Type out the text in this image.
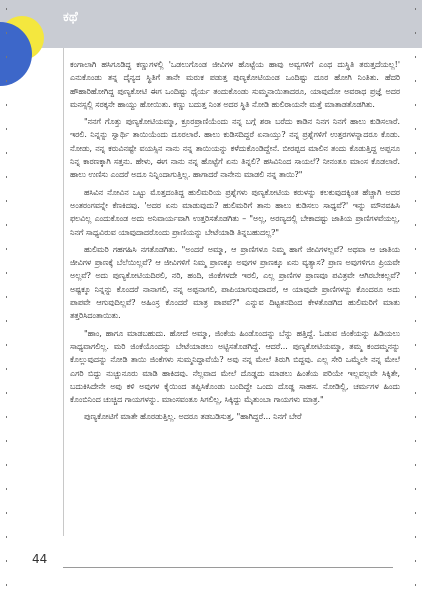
ಕಥೆ

ಕಂಗಾಲಾಗಿ ಹಸಿಗೂಡಿದ್ದ ಕಣ್ಣುಗಳಲ್ಲಿ 'ಒಡಲುಗೊಂಡ ಜೀವಿಗಳ ಹೊಟ್ಟೆಯ ಹಾವು ಅವ್ವಗಳಿಗೆ ಎಂಥ ದುಸ್ಥಿತಿ ತರುತ್ತದೆಯಲ್ಲ!' ಎನುಕೊಂಡು ತನ್ನ ದೈನ್ಯದ ಸ್ಥಿತಿಗೆ ತಾನೇ ಮರುಕ ಪಡುತ್ತ ಪುಣ್ಯಕೋಟಿಯಂಡ ಒಂದಿಷ್ಟು ದೂರ ಹೋಗಿ ನಿಂತಿತು. ಹೆದರಿ ಹೌಹಾರಿಹೋಗಿದ್ದ ಪುಣ್ಯಕೋಟಿ ಈಗ ಒಂದಿಷ್ಟು ಧೈರ್ಯ ತಂದುಕೊಂಡು ಸುಮ್ಮನಾಯಿತಾದರೂ, ಯಾವುದೋ ಅವರಾಧ ಪ್ರಜ್ಞೆ ಅದರ ಮನಸ್ಸಲ್ಲಿ ಸರಕ್ಕನೇ ಹಾಯ್ದು ಹೋಯಿತು. ಕಣ್ಣು ಬದುತ್ತ ನಿಂತ ಅದರ ಸ್ಥಿತಿ ನೋಡಿ ಹುಲಿರಾಯನೇ ಮತ್ತೆ ಮಾತಾಡತೊಡಗಿತು.

"ನನಗೆ ಗೊತ್ತು ಪುಣ್ಯಕೋಟಿಯಮ್ಮಾ, ಕ್ರೂರಪ್ರಾಣಿಯೆಂದು ನನ್ನ ಬಗ್ಗೆ ಶರಾ ಬರೆದು ಕಾಡಿನ ನಿನಗ ನಿನಗೆ ಹಾಲು ಕುಡಿಸಲಾರೆ. ಇರಲಿ. ನಿನ್ನನ್ನು ಸ್ವಾರ್ಥಿ ತಾಯಿಯೆಂದು ದೂರಲಾರೆ. ಹಾಲು ಕುಡಿಸದಿದ್ದರೆ ಏನಾಯ್ತು? ನನ್ನ ಪ್ರಶ್ನೆಗಳಿಗೆ ಉತ್ತರಗಳನ್ನಾದರೂ ಕೊಡು. ನೋಡು, ನನ್ನ ಕರುವಿನಷ್ಟೇ ವಯಸ್ಸಿನ ನಾನು ನನ್ನ ತಾಯಿಯನ್ನು ಕಳೆದುಕೊಂಡಿದ್ದೇನೆ. ಬೀರಪ್ಪದ ಮಾಲಿನ ತಂದು ಕೊಡುತ್ತಿದ್ದ ಅಪ್ಪನೂ ನಿನ್ನ ಕಾರಣಕ್ಕಾಗಿ ಸತ್ತನು. ಹೇಳು, ಈಗ ನಾನು ನನ್ನ ಹೊಟ್ಟೆಗೆ ಏನು ತಿನ್ನಲಿ? ಹಸಿವಿನಿಂದ ಸಾಯಲೆ? ನೀನಂತೂ ಮಾಂಸ ಕೊಡಲಾರೆ. ಹಾಲು ಉಣಿಸು ಎಂದರೆ ಅದೂ ನಿನ್ನಿಂದಾಗುತ್ತಿಲ್ಲ. ಹಾಗಾದರೆ ನಾನೇನು ಮಾಡಲಿ ನನ್ನ ತಾಯಿ?"

ಹಸಿವಿನ ನೋವಿನ ಒಟ್ಟು ಮೊತ್ತದಂತಿದ್ದ ಹುಲಿಮರಿಯ ಪ್ರಶ್ನೆಗಳು ಪುಣ್ಯಕೋಟಿಯ ಕರುಳನ್ನು ಕಲಕುವುದಕ್ಕಿಂತ ಹೆಚ್ಚಾಗಿ ಅದರ ಅಂತರಂಗವನ್ನೇ ಕೆಣಕಿದವು. 'ಅದರ ಏನು ಮಾಡುವುದು? ಹುಲಿಮರಿಗೆ ತಾನು ಹಾಲು ಕುಡಿಸಲು ಸಾಧ್ಯವೆ?' ಇನ್ನು ಮೌನವಹಿಸಿ ಫಲವಿಲ್ಲ ಎಂದುಕೊಂಡ ಅದು ಅನಿವಾರ್ಯವಾಗಿ ಉತ್ತರಿಸತೊಡಗಿತು – "ಅಲ್ಲ, ಅರಣ್ಯದಲ್ಲಿ ಬೇಕಾದಷ್ಟು ಜಾತಿಯ ಪ್ರಾಣಿಗಳವೆಯಲ್ಲ, ನಿನಗೆ ಸಾಧ್ಯವಿರುವ ಯಾವುದಾದರೊಂದು ಪ್ರಾಣಿಯನ್ನು ಬೇಟೆಯಾಡಿ ತಿನ್ನಬಹುದಲ್ಲ?"

ಹುಲಿಮರಿ ಗಹಗಹಿಸಿ ನಗತೊಡಗಿತು. "ಅಂದರೆ ಅಮ್ಮಾ, ಆ ಪ್ರಾಣಿಗಳೂ ನಿಮ್ಮ ಹಾಗೆ ಜೀವಿಗಳಲ್ಲವೆ? ಅಥವಾ ಆ ಜಾತಿಯ ಜೀವಿಗಳ ಪ್ರಾಣಕ್ಕೆ ಬೆಲೆಯಿಲ್ಲವೆ? ಆ ಜೀವಿಗಳಿಗೆ ನಿಮ್ಮ ಪ್ರಾಣಕ್ಕೂ ಅವುಗಳ ಪ್ರಾಣಕ್ಕೂ ಏನು ವ್ಯತ್ಯಾಸ? ಪ್ರಾಣ ಅವುಗಳಿಗೂ ಪ್ರಿಯವೇ ಅಲ್ಲವೆ? ಅದು ಪುಣ್ಯಕೋಟಿಯದಿರಲಿ, ನರಿ, ಹಂದಿ, ಜಿಂಕೆಗಳದೇ ಇರಲಿ, ಎಲ್ಲ ಪ್ರಾಣಿಗಳ ಪ್ರಾಣವೂ ಪವಿತ್ರವೇ ಆಗಿರಬೇಕಲ್ಲವೆ? ಅಷ್ಟಕ್ಕೂ ನಿನ್ನನ್ನು ಕೊಂದರೆ ನಾನಾಗಲಿ, ನನ್ನ ಅಪ್ಪನಾಗಲಿ, ಪಾಪಿಯಾಗುವುದಾದರೆ, ಆ ಯಾವುದೇ ಪ್ರಾಣಿಗಳನ್ನು ಕೊಂದರೂ ಅದು ಪಾಪವೇ ಆಗುವುದಿಲ್ಲವೆ? ಅಹಿಂಸ್ರ ಕೊಂದರೆ ಮಾತ್ರ ಪಾಪವೆ?" ಎನ್ನುವ ದಿಟ್ಟತನದಿಂದ ಕೇಳತೊಡಗಿದ ಹುಲಿಮರಿಗೆ ಮಾತು ತತ್ತರಿಸಿದಂತಾಯಿತು.

"ಹಾಂ, ಹಾಗೂ ಮಾಡಬಹುದು. ಹೋದೆ ಅಮ್ಮಾ, ಜಿಂಕೆಯ ಹಿಂಡೊಂದನ್ನು ಬೆನ್ನು ಹತ್ತಿದ್ದೆ. ಓಡುವ ಜಿಂಕೆಯನ್ನು ಹಿಡಿಯಲು ಸಾಧ್ಯವಾಗಲಿಲ್ಲ. ಮರಿ ಜಿಂಕೆಯೊಂದನ್ನು ಬೇಟೆಯಾಡಲು ಅಟ್ಟಿಸತೊಡಗಿದ್ದೆ. ಆದರೆ... ಪುಣ್ಯಕೋಟಿಯಮ್ಮಾ, ತಮ್ಮ ಕಂದಮ್ಮನನ್ನು ಕೊಲ್ಲುವುದನ್ನು ನೋಡಿ ತಾಯಿ ಜಿಂಕೆಗಳು ಸುಮ್ಮನಿದ್ದಾವೆಯೆ? ಅವು ನನ್ನ ಮೇಲೆ ತಿರುಗಿ ಬಿದ್ದವು. ಎಲ್ಲ ಸೇರಿ ಒಮ್ಮೆಲೇ ನನ್ನ ಮೇಲೆ ಎಗರಿ ಬಿದ್ದು ನುಚ್ಚುನೂರು ಮಾಡಿ ಹಾಕಿದವು. ನೆಲ್ಲವಾದ ಮೇಲೆ ದೊಡ್ಡದು ಮಾಡಲು ಹಿಂತೆಯ ಪರಿಯೇ ಇಲ್ಲವಲ್ಲವೇ ಸಿಕ್ಕಿತೇ, ಬದುಕಿಸಿದೇನೇ ಅವು ಕಳಿ ಅವುಗಳ ಕೈಯಿಂದ ತಪ್ಪಿಸಿಕೊಂಡು ಬಂದಿದ್ದೇ ಒಂದು ದೊಡ್ಡ ಸಾಹಸ. ನೋಡಿಲ್ಲಿ, ಚರ್ಮಗಳ ಹಿಂದು ಕೊಂಬಿನಿಂದ ಚುಚ್ಚಿದ ಗಾಯಗಳನ್ನು. ಮಾಂಸವಂತೂ ಸಿಗಲಿಲ್ಲ, ಸಿಕ್ಕಿದ್ದು ಮೈತುಂಬಾ ಗಾಯಗಳು ಮಾತ್ರ."

ಪುಣ್ಯಕೋಟಿಗೆ ಮಾತೇ ಹೊರಡುತ್ತಿಲ್ಲ. ಅದರೂ ತಡಬಡಿಸುತ್ತ, "ಹಾಗಿದ್ದರೆ... ನಿನಗೆ ಬೇರೆ

44
